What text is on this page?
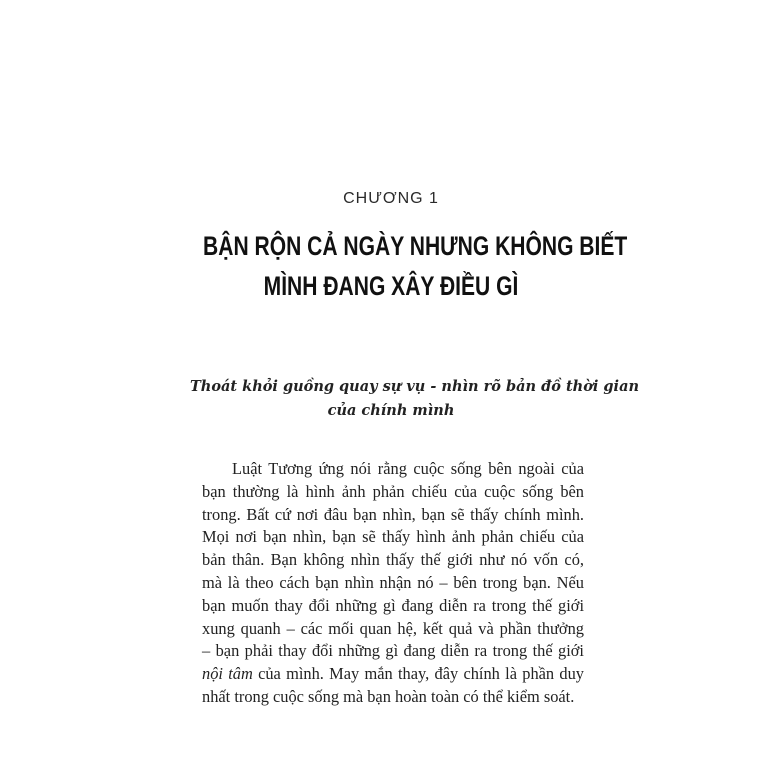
CHƯƠNG 1
BẬN RỘN CẢ NGÀY NHƯNG KHÔNG BIẾT
MÌNH ĐANG XÂY ĐIỀU GÌ
Thoát khỏi guồng quay sự vụ - nhìn rõ bản đồ thời gian
của chính mình
Luật Tương ứng nói rằng cuộc sống bên ngoài của
bạn thường là hình ảnh phản chiếu của cuộc sống bên
trong. Bất cứ nơi đâu bạn nhìn, bạn sẽ thấy chính mình.
Mọi nơi bạn nhìn, bạn sẽ thấy hình ảnh phản chiếu của
bản thân. Bạn không nhìn thấy thế giới như nó vốn có,
mà là theo cách bạn nhìn nhận nó – bên trong bạn. Nếu
bạn muốn thay đổi những gì đang diễn ra trong thế giới
xung quanh – các mối quan hệ, kết quả và phần thưởng
– bạn phải thay đổi những gì đang diễn ra trong thế giới
nội tâm của mình. May mắn thay, đây chính là phần duy
nhất trong cuộc sống mà bạn hoàn toàn có thể kiểm soát.
